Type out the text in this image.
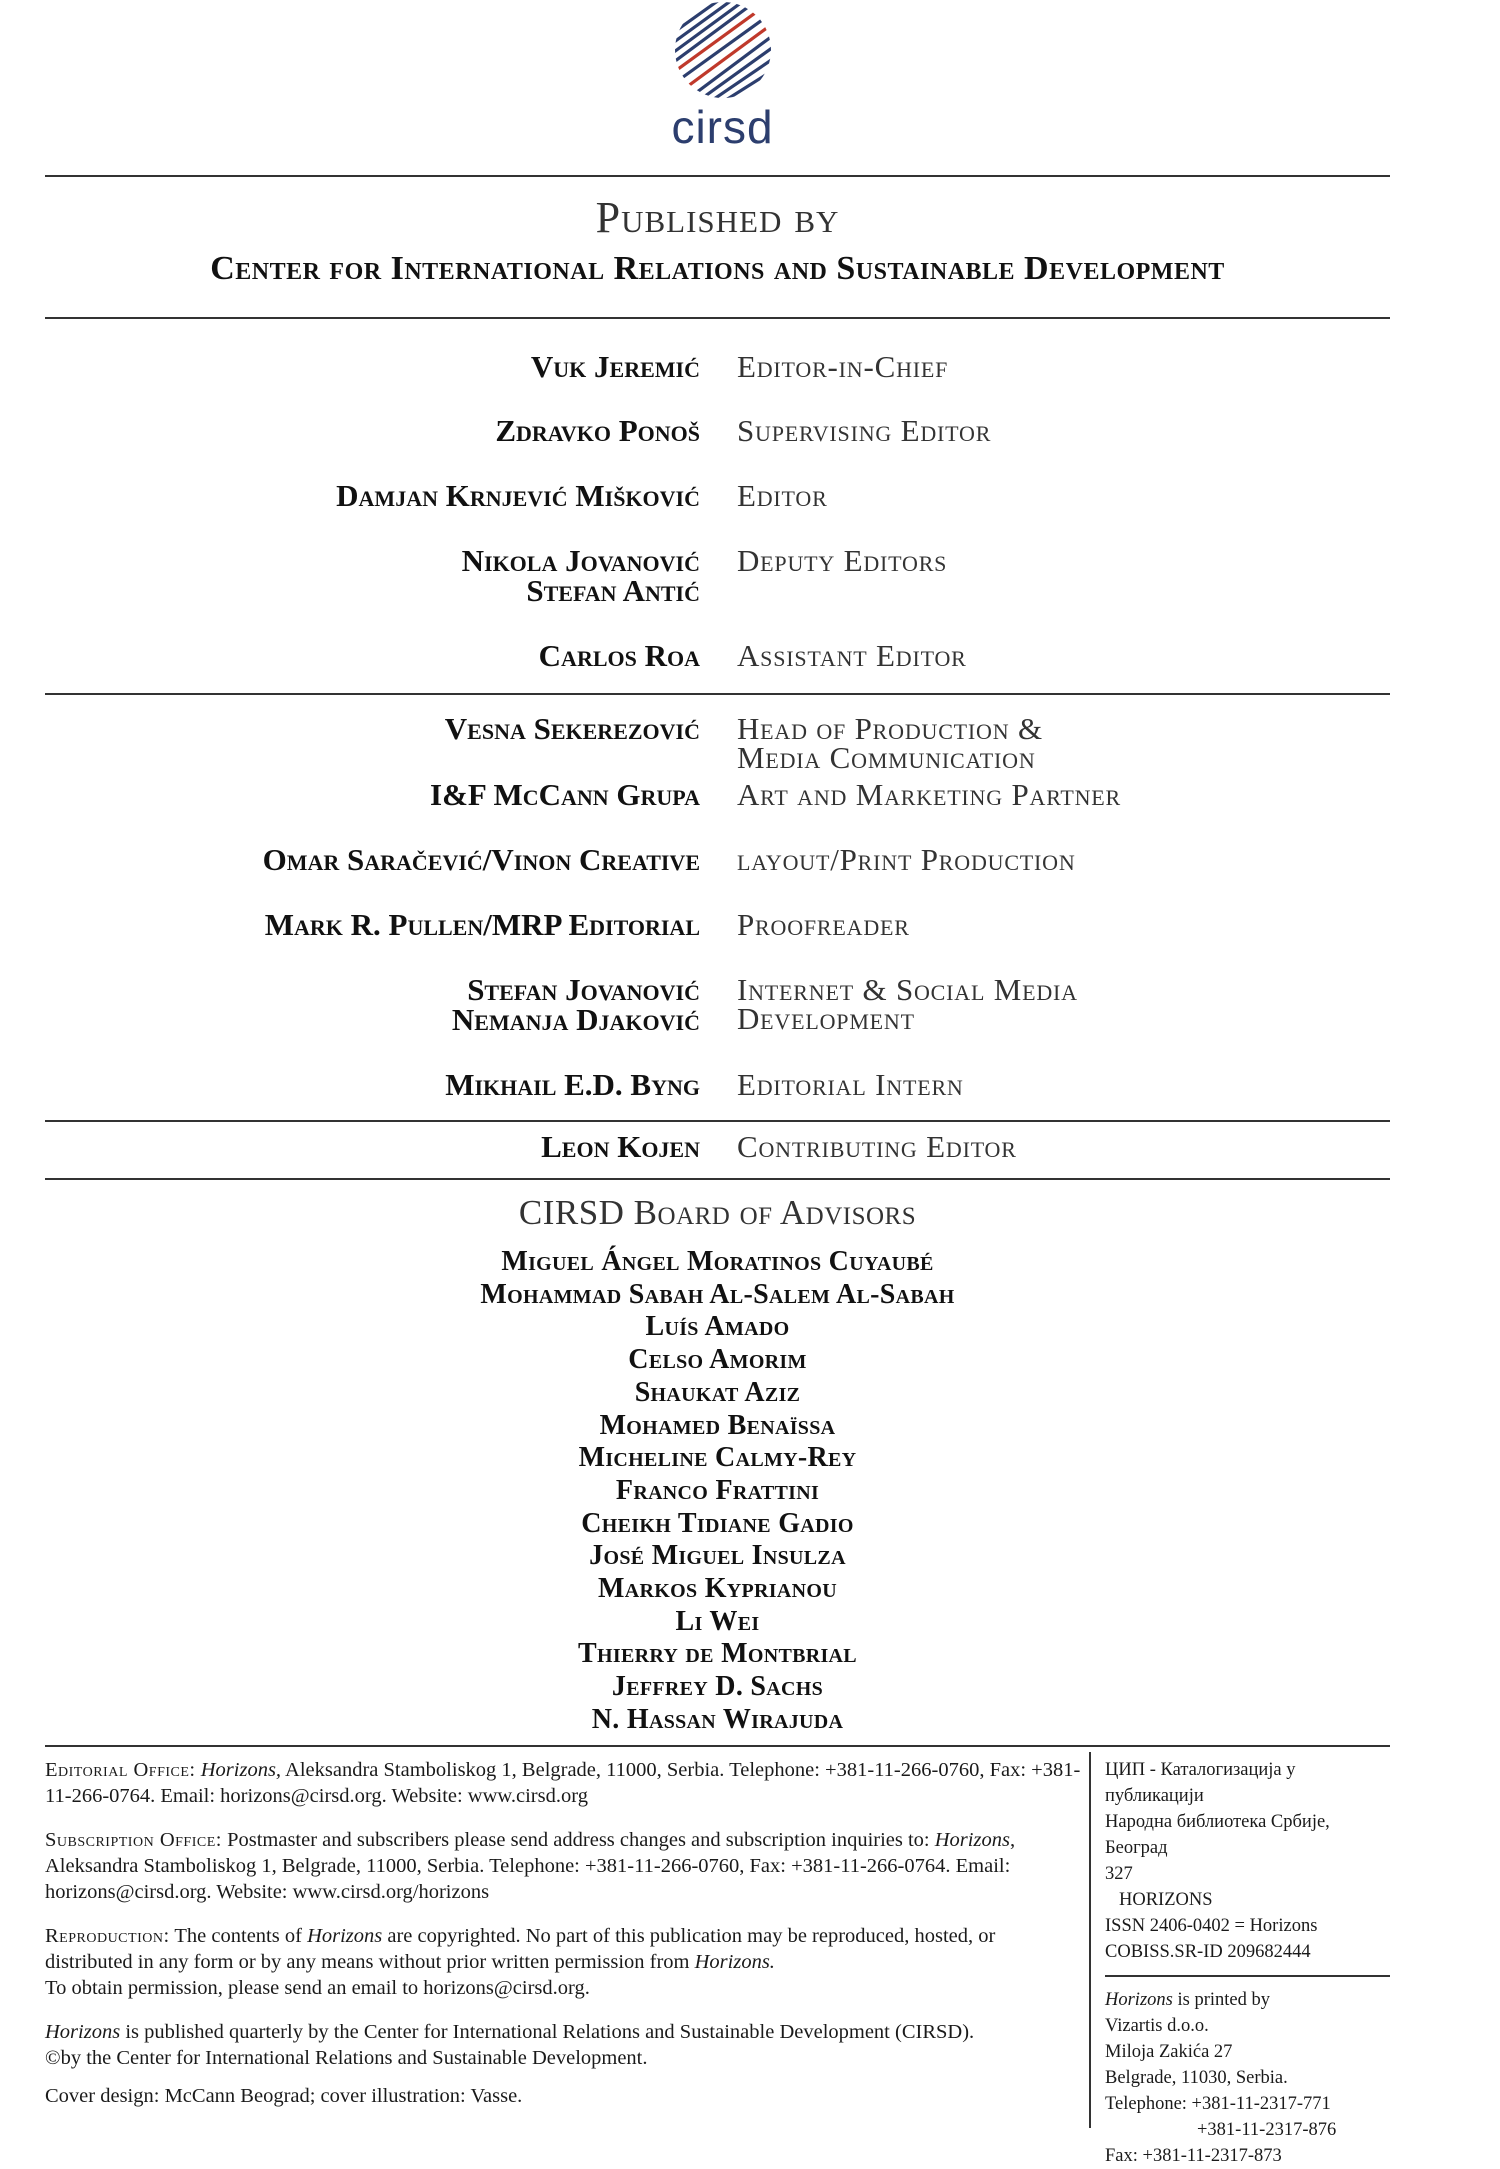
cirsd
Published by
Center for International Relations and Sustainable Development
Vuk Jeremić Editor-in-Chief
Zdravko Ponoš Supervising Editor
Damjan Krnjević Mišković Editor
Nikola Jovanović
Stefan Antić
Deputy Editors
Carlos Roa Assistant Editor
Vesna Sekerezović Head of Production &
Media Communication
I&F McCann Grupa Art and Marketing Partner
Omar Saračević/Vinon Creative layout/Print Production
Mark R. Pullen/MRP Editorial Proofreader
Stefan Jovanović
Nemanja Djaković
Internet & Social Media
Development
Mikhail E.D. Byng Editorial Intern
Leon Kojen Contributing Editor
CIRSD Board of Advisors
Miguel Ángel Moratinos Cuyaubé
Mohammad Sabah Al-Salem Al-Sabah
Luís Amado
Celso Amorim
Shaukat Aziz
Mohamed Benaïssa
Micheline Calmy-Rey
Franco Frattini
Cheikh Tidiane Gadio
José Miguel Insulza
Markos Kyprianou
Li Wei
Thierry de Montbrial
Jeffrey D. Sachs
N. Hassan Wirajuda

Editorial Office: Horizons, Aleksandra Stamboliskog 1, Belgrade, 11000, Serbia. Telephone: +381-11-266-0760, Fax: +381-11-266-0764. Email: horizons@cirsd.org. Website: www.cirsd.org

Subscription Office: Postmaster and subscribers please send address changes and subscription inquiries to: Horizons, Aleksandra Stamboliskog 1, Belgrade, 11000, Serbia. Telephone: +381-11-266-0760, Fax: +381-11-266-0764. Email: horizons@cirsd.org. Website: www.cirsd.org/horizons

Reproduction: The contents of Horizons are copyrighted. No part of this publication may be reproduced, hosted, or distributed in any form or by any means without prior written permission from Horizons.
To obtain permission, please send an email to horizons@cirsd.org.

Horizons is published quarterly by the Center for International Relations and Sustainable Development (CIRSD).
©by the Center for International Relations and Sustainable Development.

Cover design: McCann Beograd; cover illustration: Vasse.

ЦИП - Каталогизација у публикацији
Народна библиотека Србије, Београд
327
HORIZONS
ISSN 2406-0402 = Horizons
COBISS.SR-ID 209682444
Horizons is printed by
Vizartis d.o.o.
Miloja Zakića 27
Belgrade, 11030, Serbia.
Telephone: +381-11-2317-771
+381-11-2317-876
Fax: +381-11-2317-873
